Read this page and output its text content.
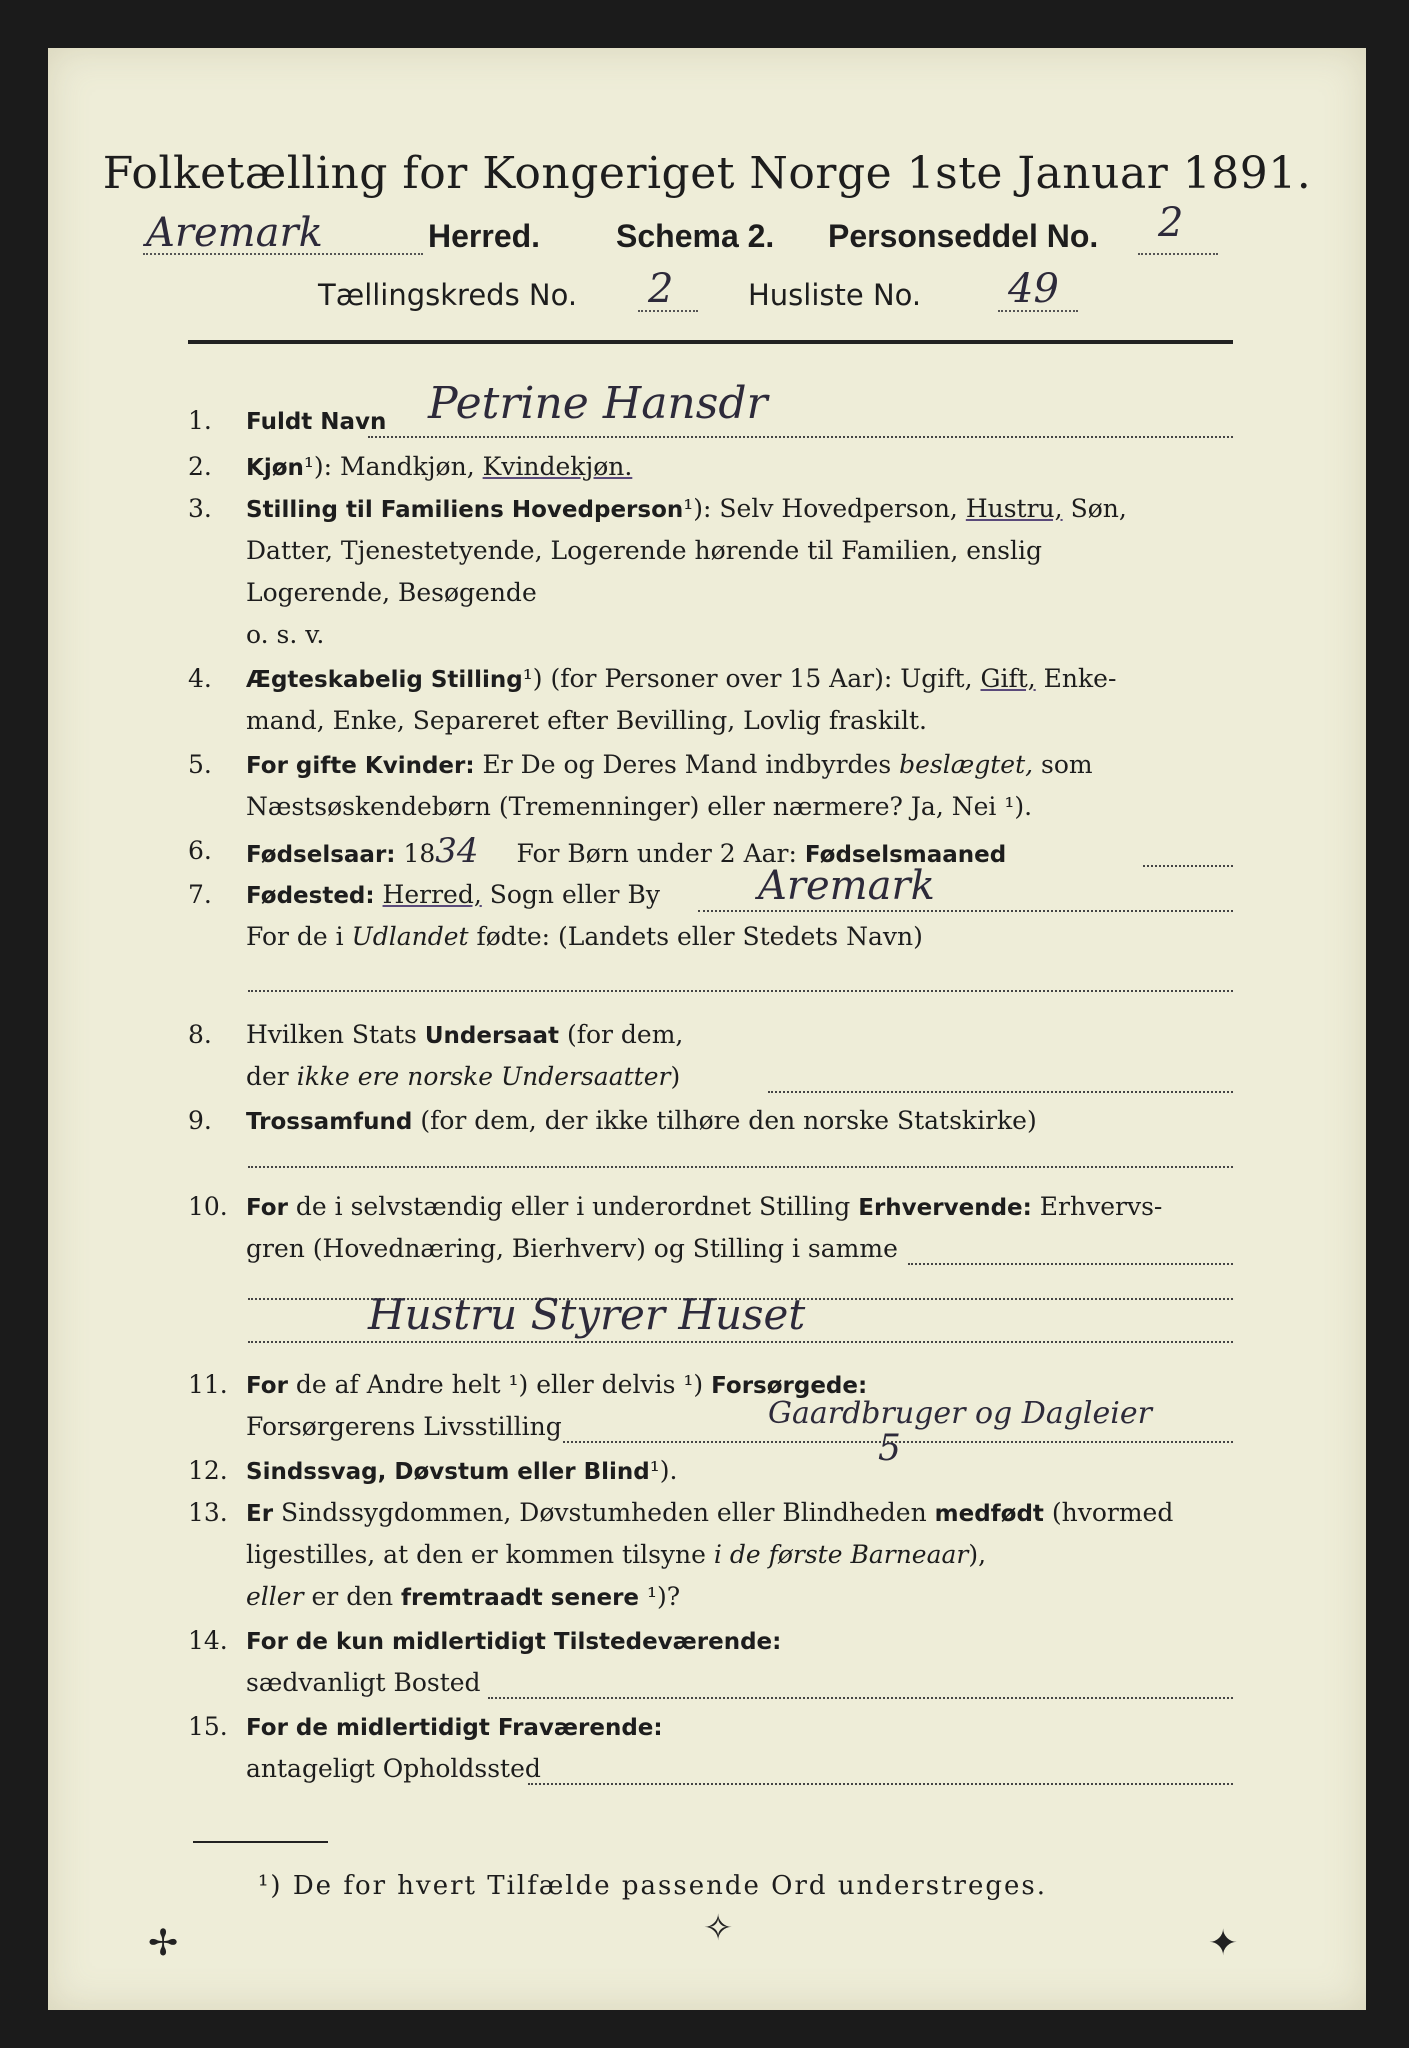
Folketælling for Kongeriget Norge 1ste Januar 1891.
Aremark	Herred. Schema 2. Personseddel No. 2
Tællingskreds No. 2	Husliste No. 49
1.	Fuldt Navn Petrine Hansdr
2.	Kjøn¹): Mandkjøn, Kvindekjøn.
3.	Stilling til Familiens Hovedperson¹): Selv Hovedperson, Hustru, Søn,
Datter, Tjenestetyende, Logerende hørende til Familien, enslig
Logerende, Besøgende
o. s. v.
4.	Ægteskabelig Stilling¹) (for Personer over 15 Aar): Ugift, Gift, Enke-
mand, Enke, Separeret efter Bevilling, Lovlig fraskilt.
5.	For gifte Kvinder: Er De og Deres Mand indbyrdes beslægtet, som
Næstsøskendebørn (Tremenninger) eller nærmere? Ja, Nei ¹).
6.	Fødselsaar: 1834 For Børn under 2 Aar: Fødselsmaaned
7.	Fødested: Herred, Sogn eller By Aremark
For de i Udlandet fødte: (Landets eller Stedets Navn)
8.	Hvilken Stats Undersaat (for dem,
der ikke ere norske Undersaatter)
9.	Trossamfund (for dem, der ikke tilhøre den norske Statskirke)
10. For de i selvstændig eller i underordnet Stilling Erhvervende: Erhvervs-
gren (Hovednæring, Bierhverv) og Stilling i samme
Hustru Styrer Huset
11. For de af Andre helt ¹) eller delvis ¹) Forsørgede:
Forsørgerens Livsstilling	Gaardbruger og Dagleier
12. Sindssvag, Døvstum eller Blind¹).
5
13. Er Sindssygdommen, Døvstumheden eller Blindheden medfødt (hvormed
ligestilles, at den er kommen tilsyne i de første Barneaar),
eller er den fremtraadt senere ¹)?
14. For de kun midlertidigt Tilstedeværende:
sædvanligt Bosted
15. For de midlertidigt Fraværende:
antageligt Opholdssted
¹) De for hvert Tilfælde passende Ord understreges.
✢	✧	✦
